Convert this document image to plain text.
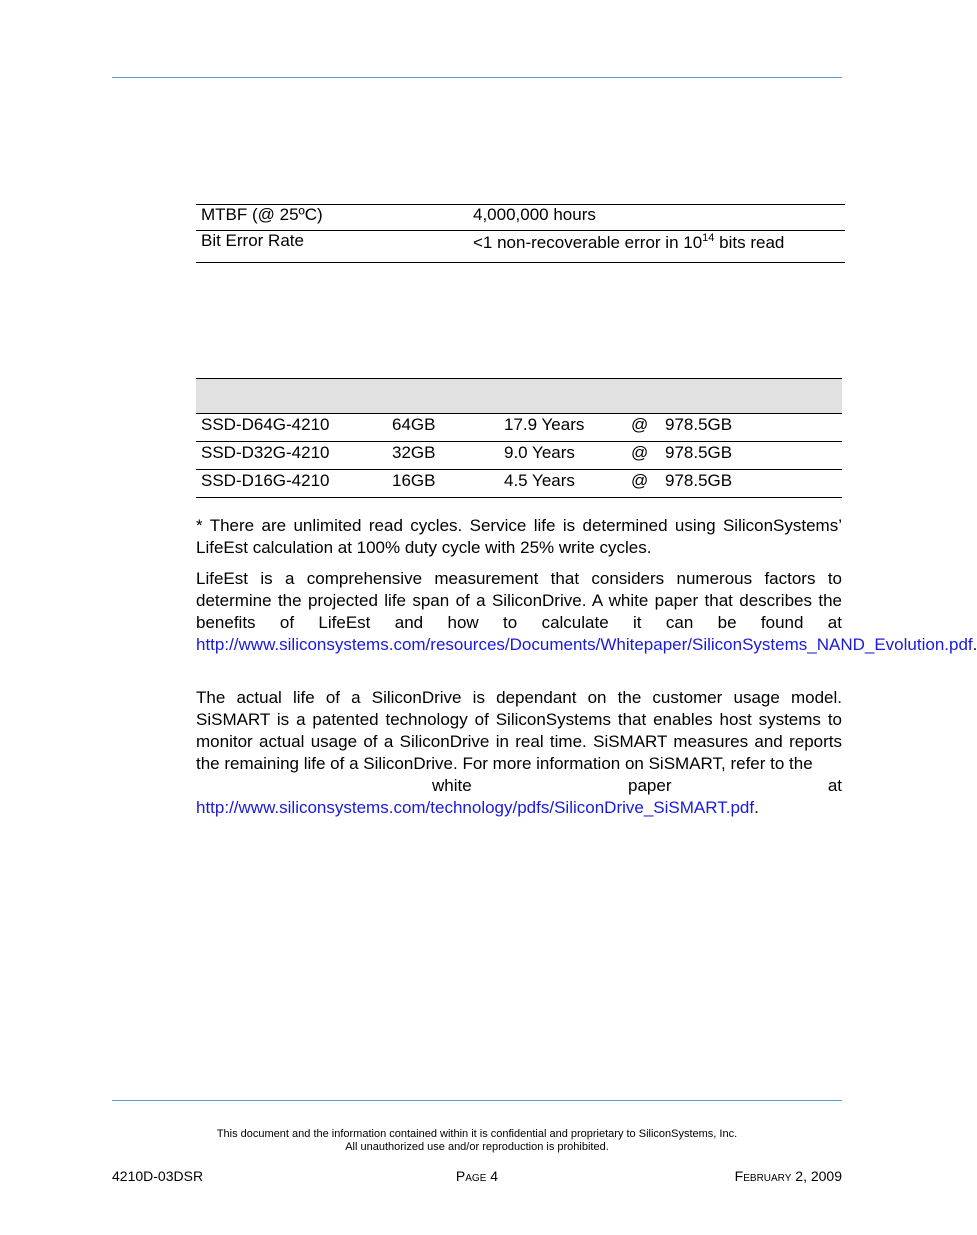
MTBF (@ 25ºC)	4,000,000 hours
Bit Error Rate	<1 non-recoverable error in $10^{14}$ bits read
SSD-D64G-4210	64GB	17.9 Years	@ 978.5GB
SSD-D32G-4210	32GB	9.0 Years	@ 978.5GB
SSD-D16G-4210	16GB	4.5 Years	@ 978.5GB

* There are unlimited read cycles. Service life is determined using SiliconSystems’ LifeEst calculation at 100% duty cycle with 25% write cycles.

LifeEst is a comprehensive measurement that considers numerous factors to determine the projected life span of a SiliconDrive. A white paper that describes the benefits of LifeEst and how to calculate it can be found at http://www.siliconsystems.com/resources/Documents/Whitepaper/SiliconSystems_NAND_Evolution.pdf.

The actual life of a SiliconDrive is dependant on the customer usage model. SiSMART is a patented technology of SiliconSystems that enables host systems to monitor actual usage of a SiliconDrive in real time. SiSMART measures and reports the remaining life of a SiliconDrive. For more information on SiSMART, refer to the
white paper at http://www.siliconsystems.com/technology/pdfs/SiliconDrive_SiSMART.pdf.

This document and the information contained within it is confidential and proprietary to SiliconSystems, Inc.
All unauthorized use and/or reproduction is prohibited.
4210D-03DSR	Page 4	February 2, 2009
